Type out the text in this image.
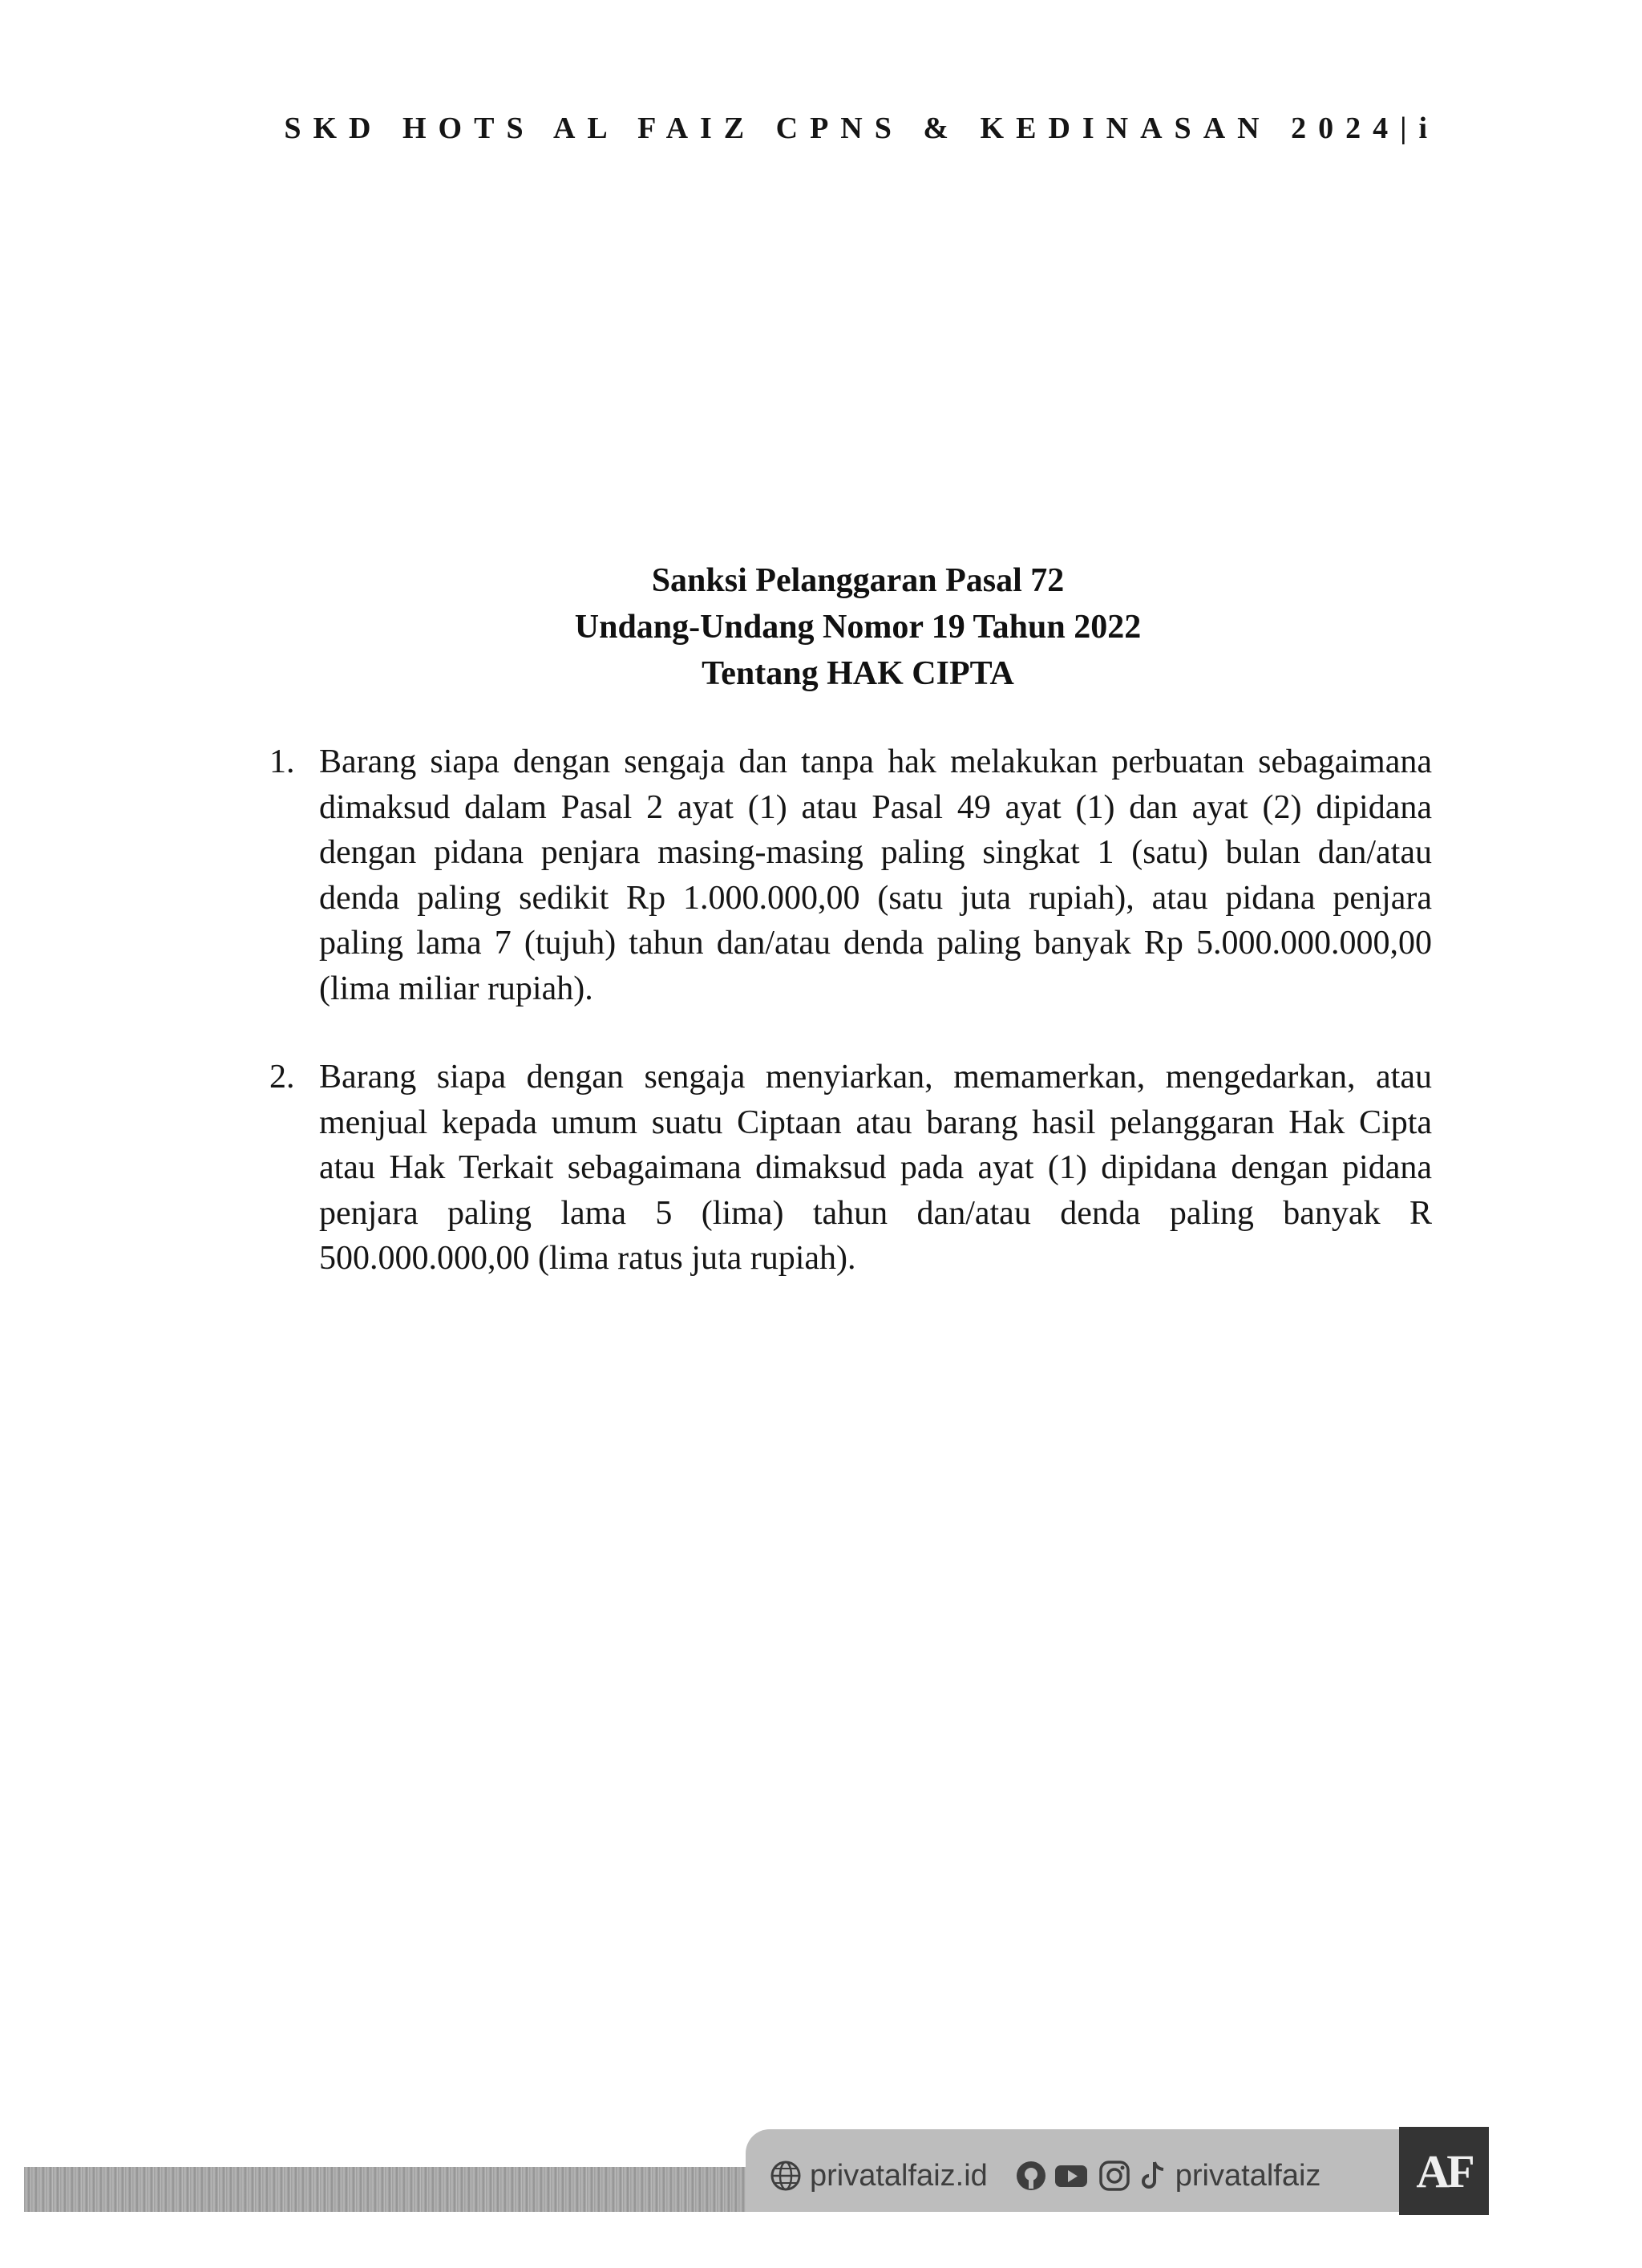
SKD HOTS AL FAIZ CPNS & KEDINASAN 2024|i
Sanksi Pelanggaran Pasal 72
Undang-Undang Nomor 19 Tahun 2022
Tentang HAK CIPTA
1. Barang siapa dengan sengaja dan tanpa hak melakukan perbuatan sebagaimana dimaksud dalam Pasal 2 ayat (1) atau Pasal 49 ayat (1) dan ayat (2) dipidana dengan pidana penjara masing-masing paling singkat 1 (satu) bulan dan/atau denda paling sedikit Rp 1.000.000,00 (satu juta rupiah), atau pidana penjara paling lama 7 (tujuh) tahun dan/atau denda paling banyak Rp 5.000.000.000,00 (lima miliar rupiah).
2. Barang siapa dengan sengaja menyiarkan, memamerkan, mengedarkan, atau menjual kepada umum suatu Ciptaan atau barang hasil pelanggaran Hak Cipta atau Hak Terkait sebagaimana dimaksud pada ayat (1) dipidana dengan pidana penjara paling lama 5 (lima) tahun dan/atau denda paling banyak R 500.000.000,00 (lima ratus juta rupiah).
privatalfaiz.id	privatalfaiz	AF
